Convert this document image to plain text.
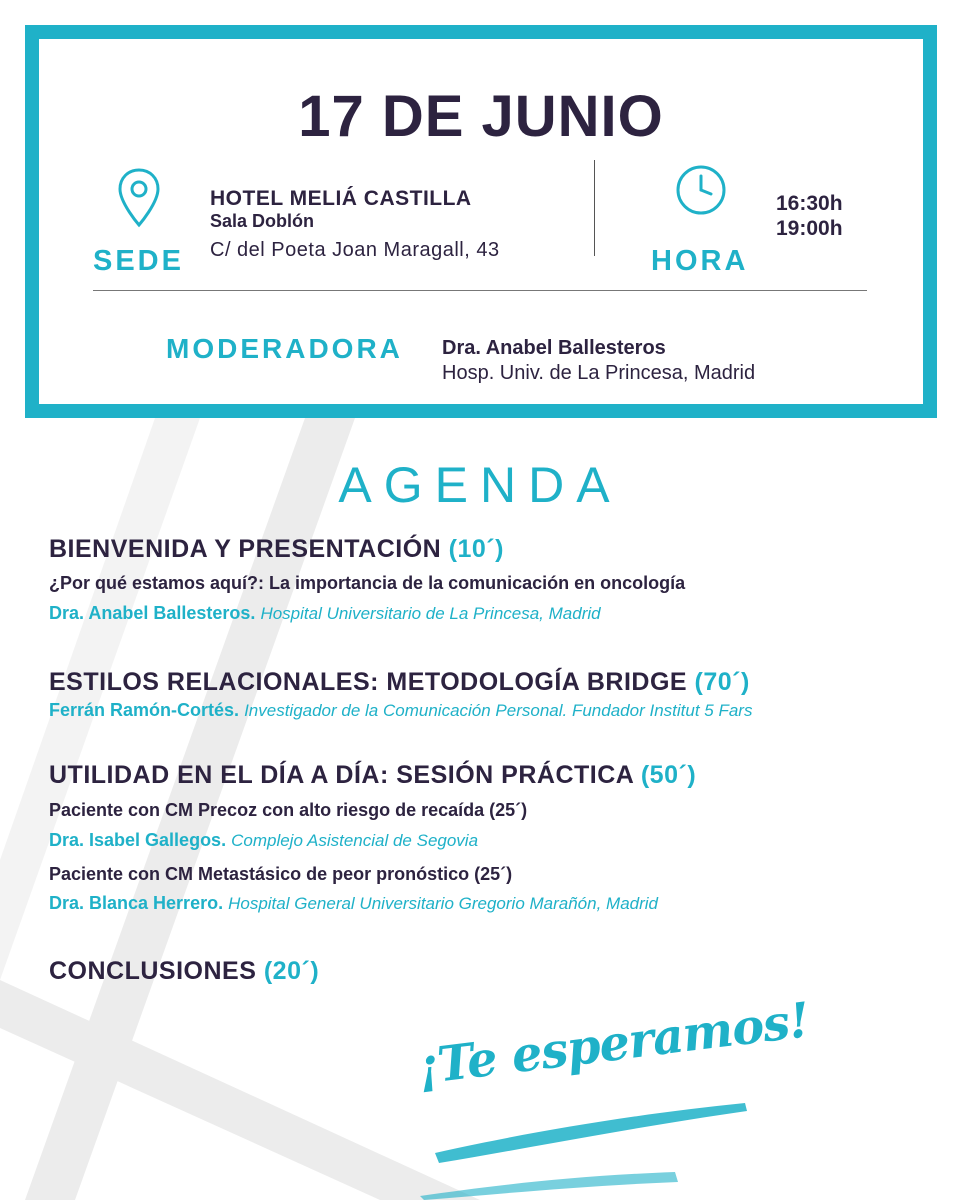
17 DE JUNIO
SEDE
HOTEL MELIÁ CASTILLA
Sala Doblón
C/ del Poeta Joan Maragall, 43	HORA
16:30h
19:00h
MODERADORA Dra. Anabel Ballesteros
Hosp. Univ. de La Princesa, Madrid
AGENDA
BIENVENIDA Y PRESENTACIÓN (10´)
¿Por qué estamos aquí?: La importancia de la comunicación en oncología
Dra. Anabel Ballesteros. Hospital Universitario de La Princesa, Madrid
ESTILOS RELACIONALES: METODOLOGÍA BRIDGE (70´)
Ferrán Ramón-Cortés. Investigador de la Comunicación Personal. Fundador Institut 5 Fars
UTILIDAD EN EL DÍA A DÍA: SESIÓN PRÁCTICA (50´)
Paciente con CM Precoz con alto riesgo de recaída (25´)
Dra. Isabel Gallegos. Complejo Asistencial de Segovia
Paciente con CM Metastásico de peor pronóstico (25´)
Dra. Blanca Herrero. Hospital General Universitario Gregorio Marañón, Madrid
CONCLUSIONES (20´)
¡Te esperamos!
